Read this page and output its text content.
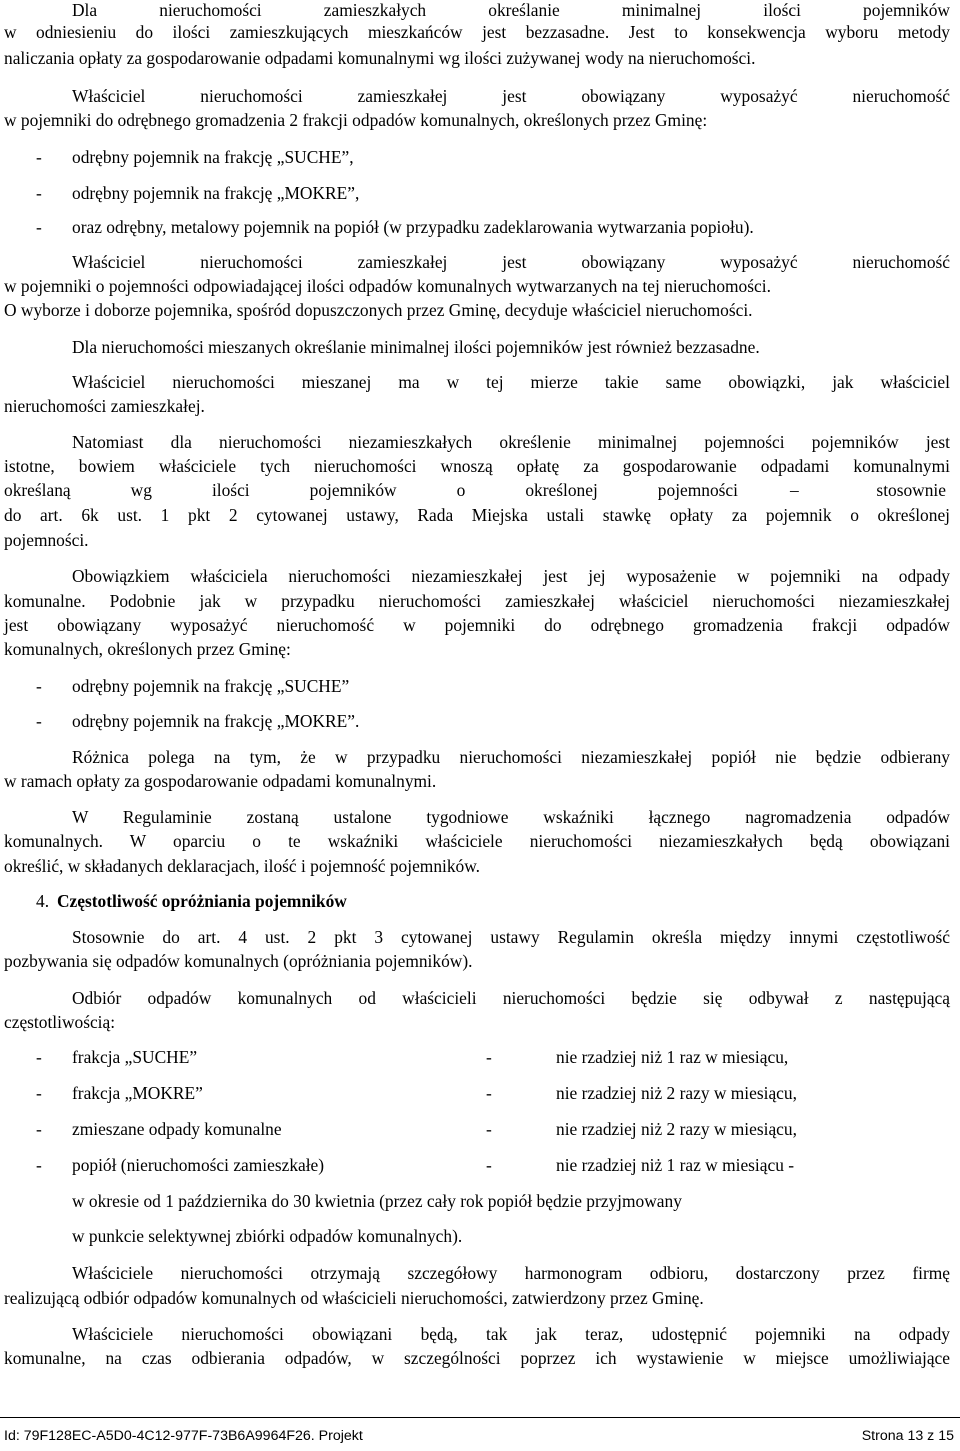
Dla nieruchomości zamieszkałych określanie minimalnej ilości pojemników
w odniesieniu do ilości zamieszkujących mieszkańców jest bezzasadne. Jest to konsekwencja wyboru metody
naliczania opłaty za gospodarowanie odpadami komunalnymi wg ilości zużywanej wody na nieruchomości.
Właściciel nieruchomości zamieszkałej jest obowiązany wyposażyć nieruchomość
w pojemniki do odrębnego gromadzenia 2 frakcji odpadów komunalnych, określonych przez Gminę:
- odrębny pojemnik na frakcję „SUCHE”,
- odrębny pojemnik na frakcję „MOKRE”,
- oraz odrębny, metalowy pojemnik na popiół (w przypadku zadeklarowania wytwarzania popiołu).
Właściciel nieruchomości zamieszkałej jest obowiązany wyposażyć nieruchomość
w pojemniki o pojemności odpowiadającej ilości odpadów komunalnych wytwarzanych na tej nieruchomości.
O wyborze i doborze pojemnika, spośród dopuszczonych przez Gminę, decyduje właściciel nieruchomości.
Dla nieruchomości mieszanych określanie minimalnej ilości pojemników jest również bezzasadne.
Właściciel nieruchomości mieszanej ma w tej mierze takie same obowiązki, jak właściciel
nieruchomości zamieszkałej.
Natomiast dla nieruchomości niezamieszkałych określenie minimalnej pojemności pojemników jest
istotne, bowiem właściciele tych nieruchomości wnoszą opłatę za gospodarowanie odpadami komunalnymi
określaną wg ilości pojemników o określonej pojemności	–	stosownie
do art. 6k ust. 1 pkt 2 cytowanej ustawy, Rada Miejska ustali stawkę opłaty za pojemnik o określonej
pojemności.
Obowiązkiem właściciela nieruchomości niezamieszkałej jest jej wyposażenie w pojemniki na odpady
komunalne. Podobnie jak w przypadku nieruchomości zamieszkałej właściciel nieruchomości niezamieszkałej
jest obowiązany wyposażyć nieruchomość w pojemniki do odrębnego gromadzenia frakcji odpadów
komunalnych, określonych przez Gminę:
- odrębny pojemnik na frakcję „SUCHE”
- odrębny pojemnik na frakcję „MOKRE”.
Różnica polega na tym, że w przypadku nieruchomości niezamieszkałej popiół nie będzie odbierany
w ramach opłaty za gospodarowanie odpadami komunalnymi.
W Regulaminie zostaną ustalone tygodniowe wskaźniki łącznego nagromadzenia odpadów
komunalnych. W oparciu o te wskaźniki właściciele nieruchomości niezamieszkałych będą obowiązani
określić, w składanych deklaracjach, ilość i pojemność pojemników.
4. Częstotliwość opróżniania pojemników
Stosownie do art. 4 ust. 2 pkt 3 cytowanej ustawy Regulamin określa między innymi częstotliwość
pozbywania się odpadów komunalnych (opróżniania pojemników).
Odbiór odpadów komunalnych od właścicieli nieruchomości będzie się odbywał z następującą
częstotliwością:
- frakcja „SUCHE”	-	nie rzadziej niż 1 raz w miesiącu,
- frakcja „MOKRE”	-	nie rzadziej niż 2 razy w miesiącu,
- zmieszane odpady komunalne	-	nie rzadziej niż 2 razy w miesiącu,
- popiół (nieruchomości zamieszkałe)	-	nie rzadziej niż 1 raz w miesiącu -
w okresie od 1 października do 30 kwietnia (przez cały rok popiół będzie przyjmowany
w punkcie selektywnej zbiórki odpadów komunalnych).
Właściciele nieruchomości otrzymają szczegółowy harmonogram odbioru, dostarczony przez firmę
realizującą odbiór odpadów komunalnych od właścicieli nieruchomości, zatwierdzony przez Gminę.
Właściciele nieruchomości obowiązani będą, tak jak teraz, udostępnić pojemniki na odpady
komunalne, na czas odbierania odpadów, w szczególności poprzez ich wystawienie w miejsce umożliwiające
Id: 79F128EC-A5D0-4C12-977F-73B6A9964F26. Projekt	Strona 13 z 15
